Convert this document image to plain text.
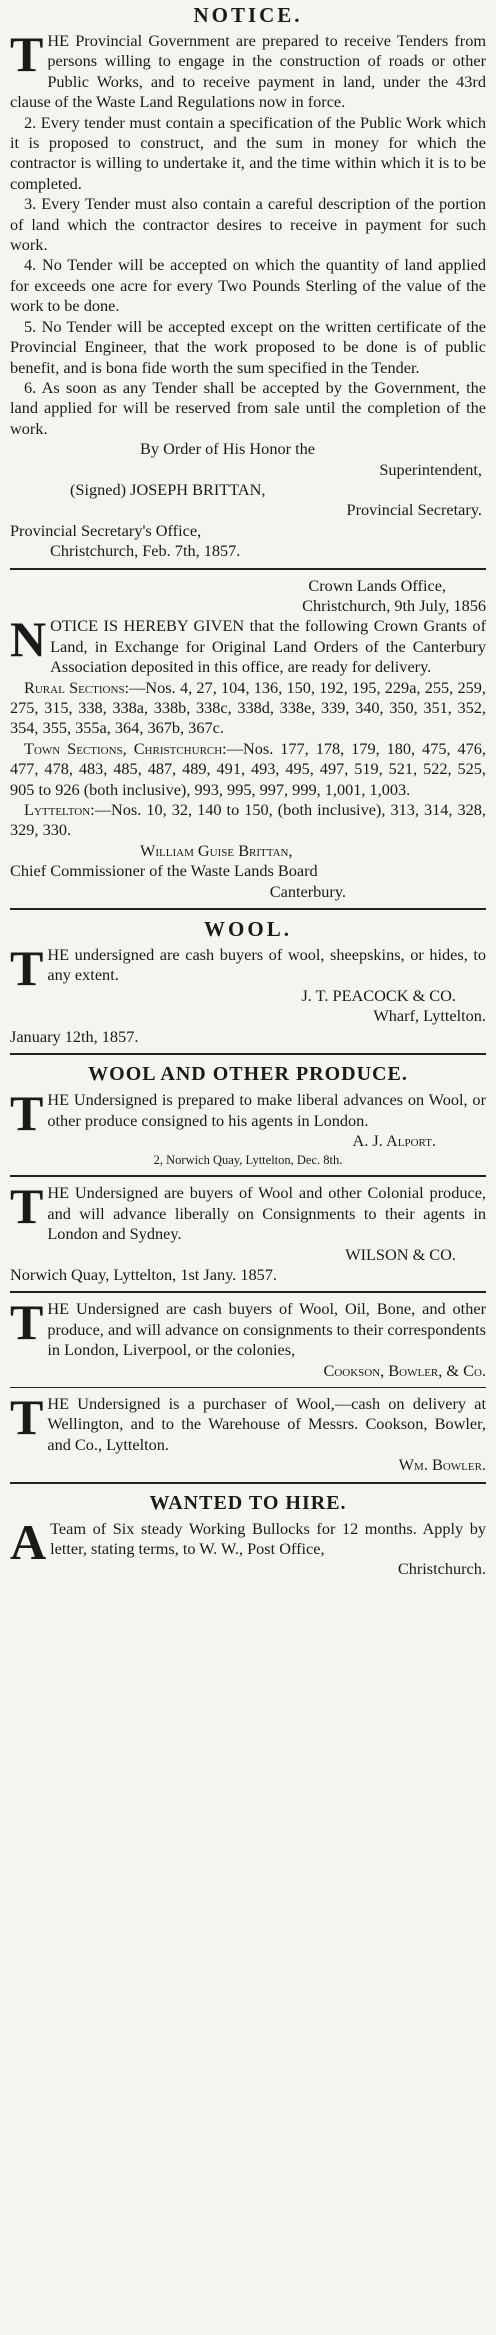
NOTICE.

THE Provincial Government are prepared to receive Tenders from persons willing to engage in the construction of roads or other Public Works, and to receive payment in land, under the 43rd clause of the Waste Land Regulations now in force.

2. Every tender must contain a specification of the Public Work which it is proposed to construct, and the sum in money for which the contractor is willing to undertake it, and the time within which it is to be completed.

3. Every Tender must also contain a careful description of the portion of land which the contractor desires to receive in payment for such work.

4. No Tender will be accepted on which the quantity of land applied for exceeds one acre for every Two Pounds Sterling of the value of the work to be done.

5. No Tender will be accepted except on the written certificate of the Provincial Engineer, that the work proposed to be done is of public benefit, and is bona fide worth the sum specified in the Tender.

6. As soon as any Tender shall be accepted by the Government, the land applied for will be reserved from sale until the completion of the work.

By Order of His Honor the

Superintendent,

(Signed) JOSEPH BRITTAN,

Provincial Secretary.

Provincial Secretary's Office,

Christchurch, Feb. 7th, 1857.

Crown Lands Office,

Christchurch, 9th July, 1856

NOTICE IS HEREBY GIVEN that the following Crown Grants of Land, in Exchange for Original Land Orders of the Canterbury Association deposited in this office, are ready for delivery.

Rural Sections:—Nos. 4, 27, 104, 136, 150, 192, 195, 229a, 255, 259, 275, 315, 338, 338a, 338b, 338c, 338d, 338e, 339, 340, 350, 351, 352, 354, 355, 355a, 364, 367b, 367c.

Town Sections, Christchurch:—Nos. 177, 178, 179, 180, 475, 476, 477, 478, 483, 485, 487, 489, 491, 493, 495, 497, 519, 521, 522, 525, 905 to 926 (both inclusive), 993, 995, 997, 999, 1,001, 1,003.

Lyttelton:—Nos. 10, 32, 140 to 150, (both inclusive), 313, 314, 328, 329, 330.

William Guise Brittan,

Chief Commissioner of the Waste Lands Board

Canterbury.

WOOL.

THE undersigned are cash buyers of wool, sheepskins, or hides, to any extent.

J. T. PEACOCK & CO.

Wharf, Lyttelton.

January 12th, 1857.

WOOL AND OTHER PRODUCE.

THE Undersigned is prepared to make liberal advances on Wool, or other produce consigned to his agents in London.

A. J. Alport.

2, Norwich Quay, Lyttelton, Dec. 8th.

THE Undersigned are buyers of Wool and other Colonial produce, and will advance liberally on Consignments to their agents in London and Sydney.

WILSON & CO.

Norwich Quay, Lyttelton, 1st Jany. 1857.

THE Undersigned are cash buyers of Wool, Oil, Bone, and other produce, and will advance on consignments to their correspondents in London, Liverpool, or the colonies,

Cookson, Bowler, & Co.

THE Undersigned is a purchaser of Wool,—cash on delivery at Wellington, and to the Warehouse of Messrs. Cookson, Bowler, and Co., Lyttelton.

Wm. Bowler.

WANTED TO HIRE.

ATeam of Six steady Working Bullocks for 12 months. Apply by letter, stating terms, to W. W., Post Office,

Christchurch.
